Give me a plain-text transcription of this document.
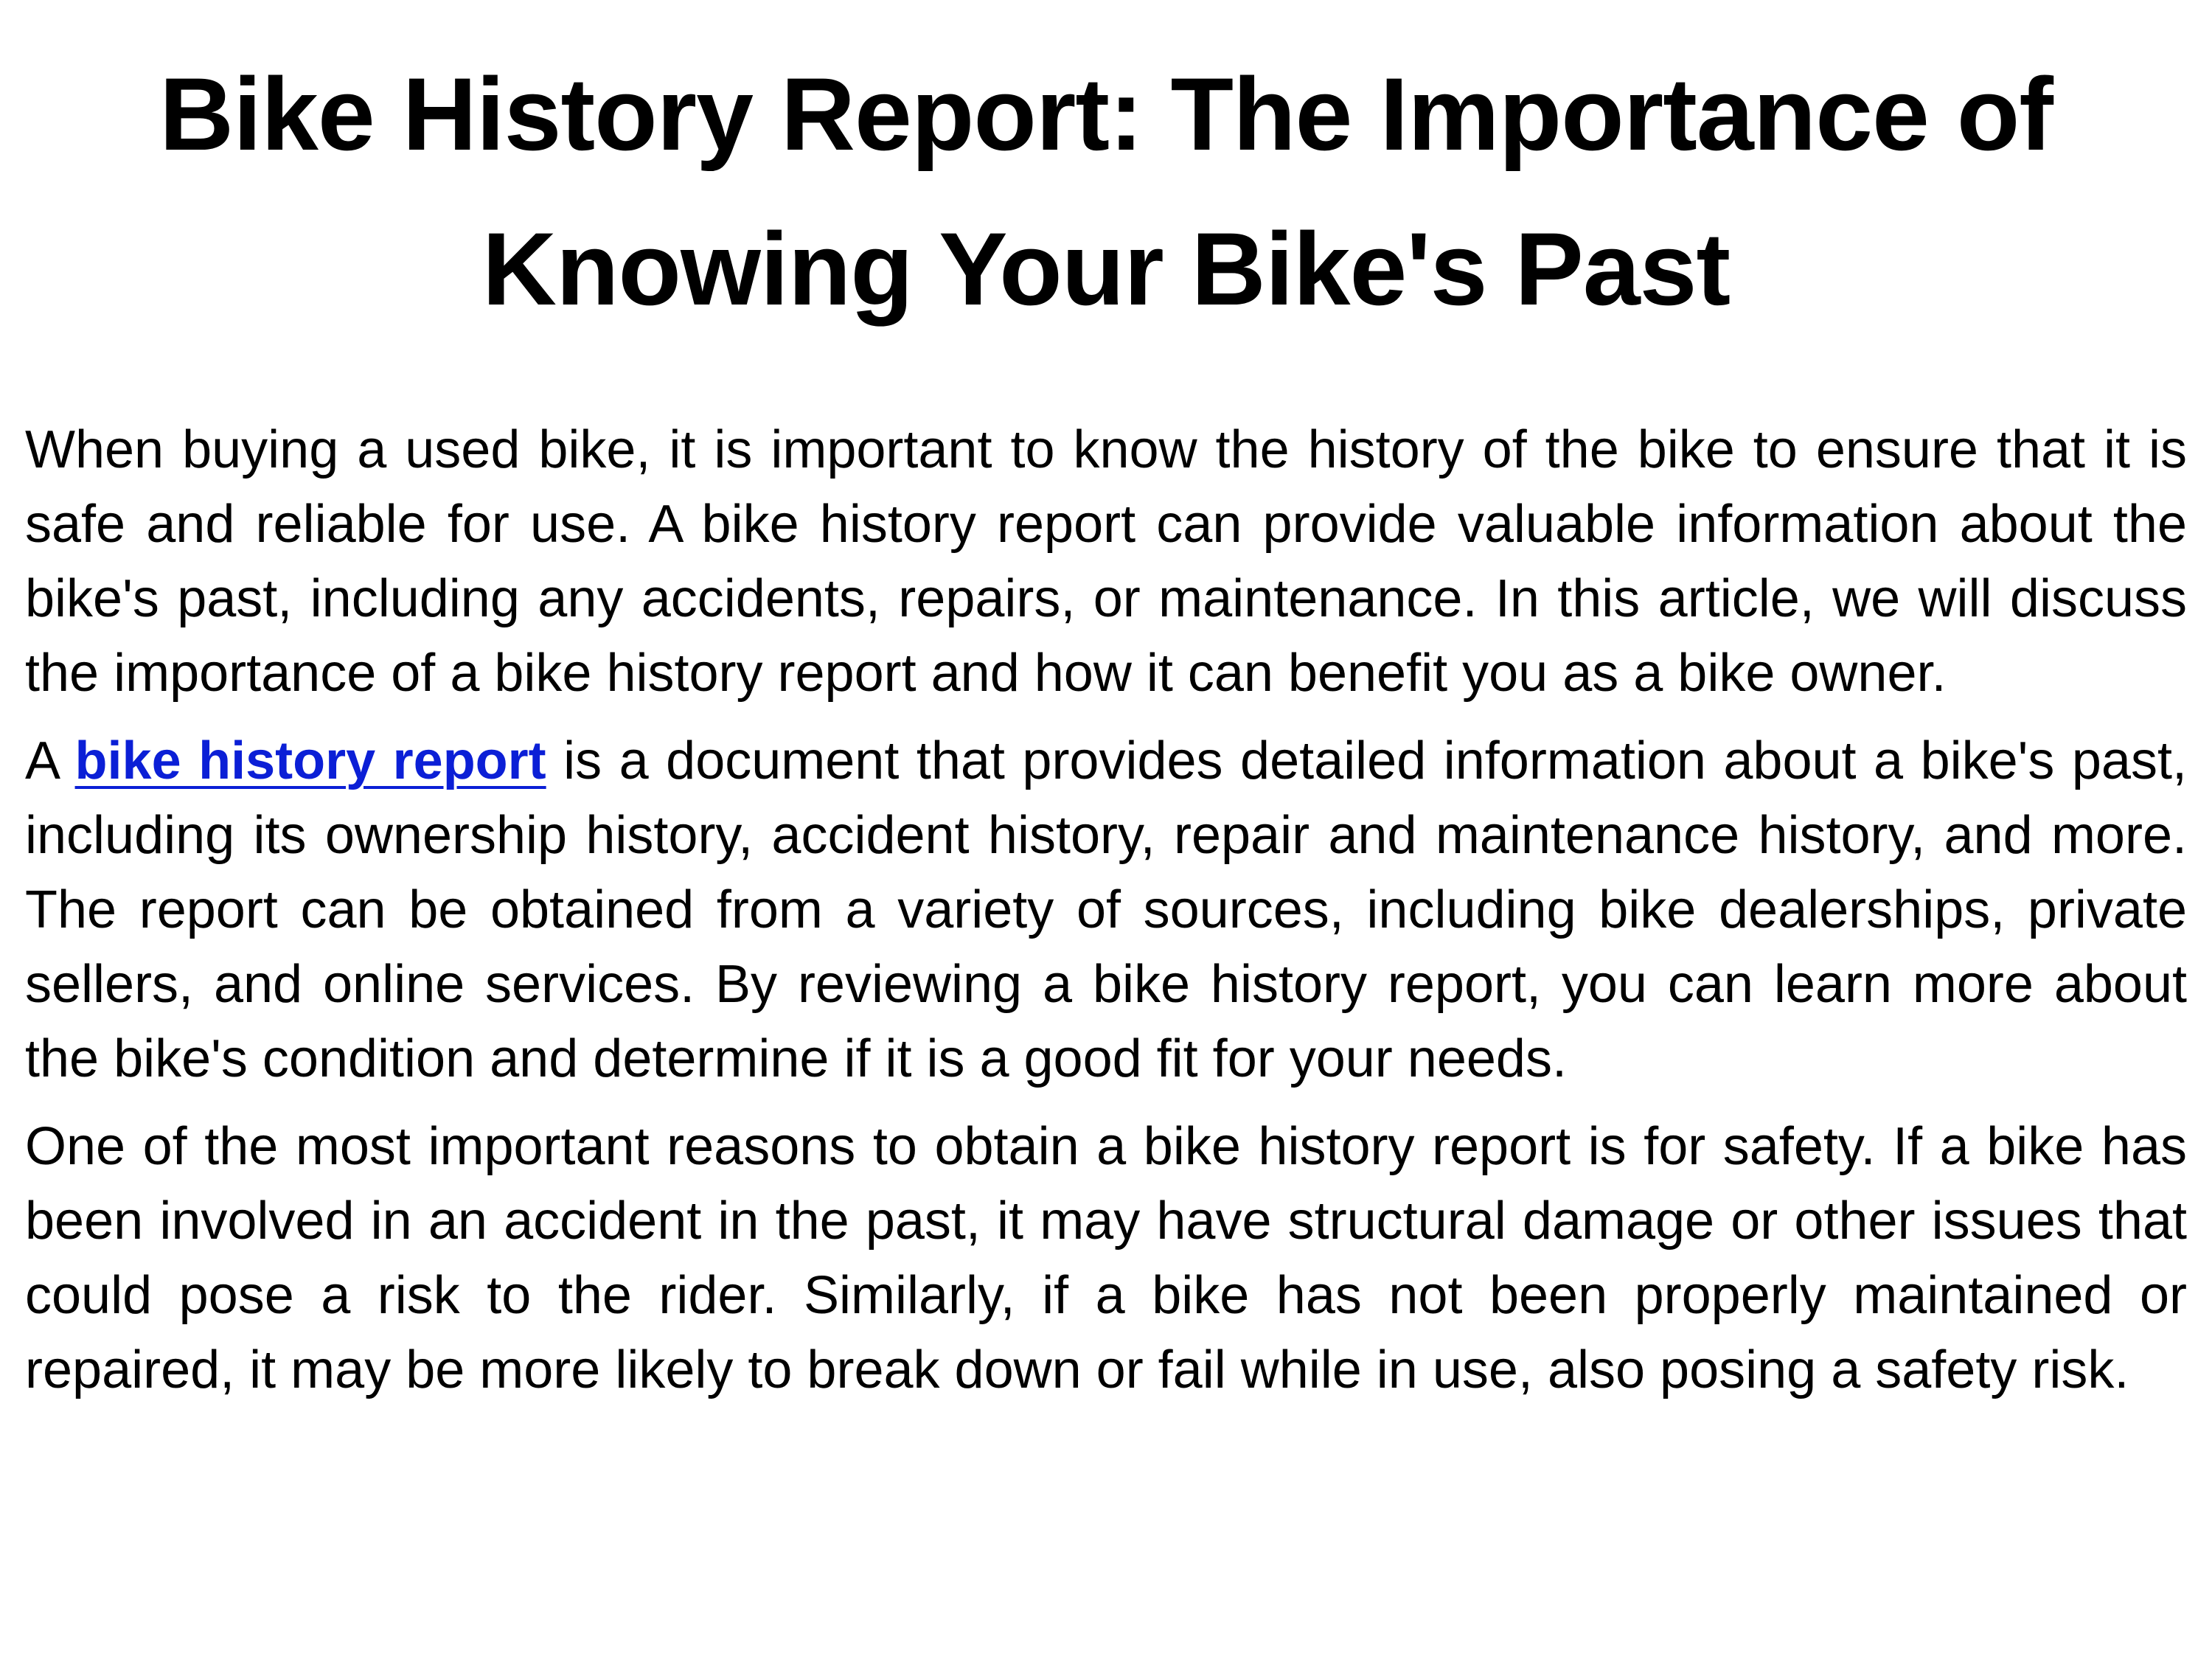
Bike History Report: The Importance of Knowing Your Bike's Past

When buying a used bike, it is important to know the history of the bike to ensure that it is safe and reliable for use. A bike history report can provide valuable information about the bike's past, including any accidents, repairs, or maintenance. In this article, we will discuss the importance of a bike history report and how it can benefit you as a bike owner.

A bike history report is a document that provides detailed information about a bike's past, including its ownership history, accident history, repair and maintenance history, and more. The report can be obtained from a variety of sources, including bike dealerships, private sellers, and online services. By reviewing a bike history report, you can learn more about the bike's condition and determine if it is a good fit for your needs.

One of the most important reasons to obtain a bike history report is for safety. If a bike has been involved in an accident in the past, it may have structural damage or other issues that could pose a risk to the rider. Similarly, if a bike has not been properly maintained or repaired, it may be more likely to break down or fail while in use, also posing a safety risk.
